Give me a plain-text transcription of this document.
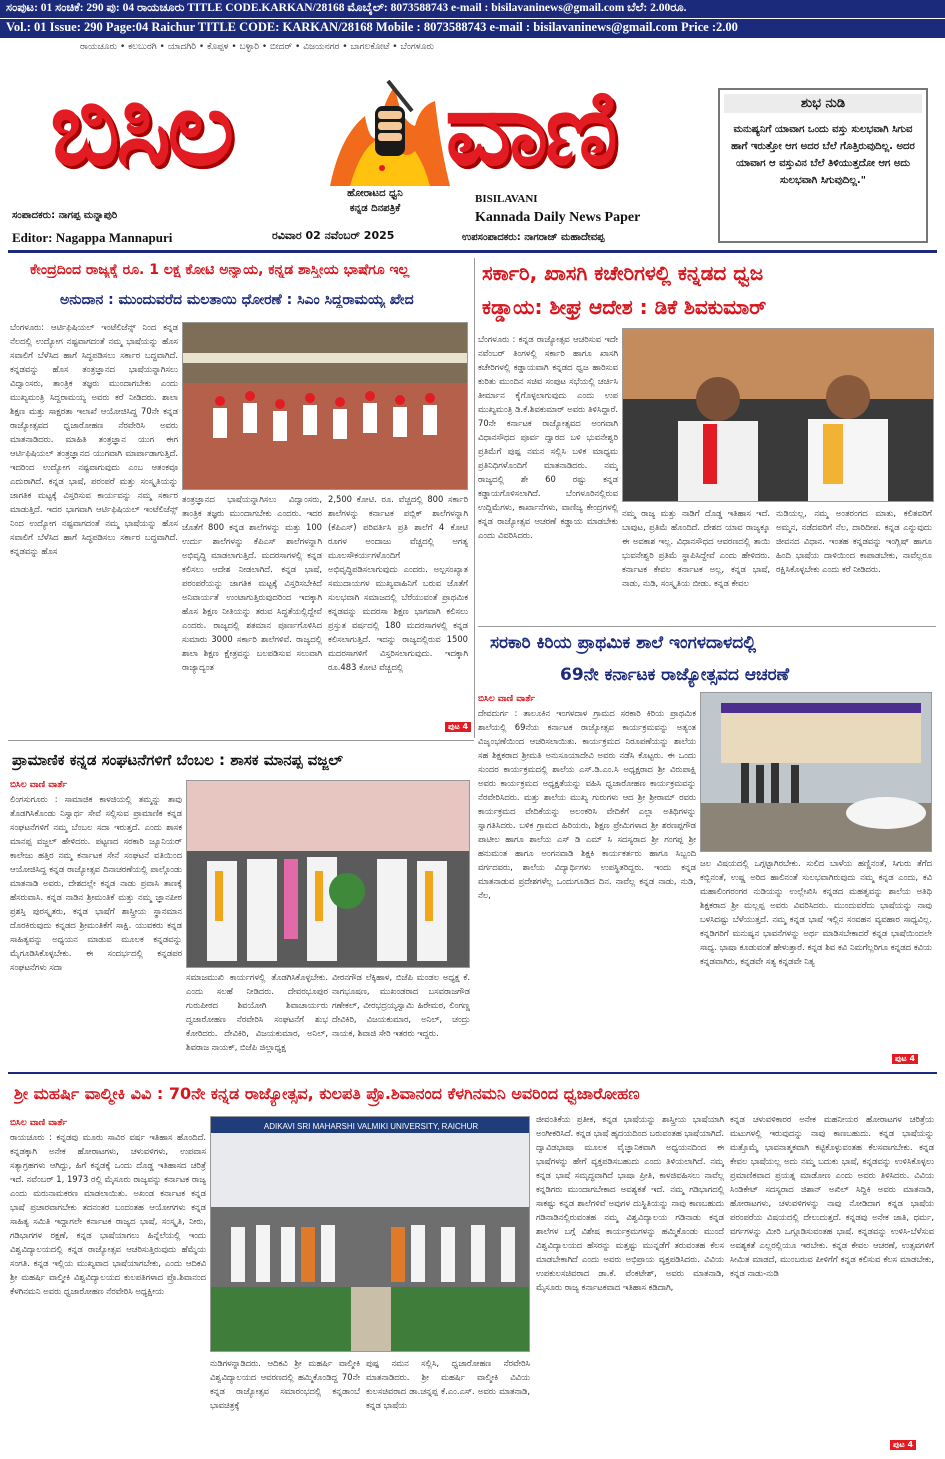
ಸಂಪುಟ: 01 ಸಂಚಿಕೆ: 290 ಪು: 04 ರಾಯಚೂರು TITLE CODE.KARKAN/28168 ಮೊಬೈಲ್: 8073588743 e-mail : bisilavaninews@gmail.com ಬೆಲೆ: 2.00ರೂ.
Vol.: 01 Issue: 290 Page:04 Raichur TITLE CODE: KARKAN/28168 Mobile : 8073588743 e-mail : bisilavaninews@gmail.com Price :2.00
ರಾಯಚೂರು • ಕಲಬುರಗಿ • ಯಾದಗಿರಿ • ಕೊಪ್ಪಳ • ಬಳ್ಳಾರಿ • ಬೀದರ್ • ವಿಜಯನಗರ • ಬಾಗಲಕೋಟೆ • ಬೆಂಗಳೂರು
ಬಿಸಿಲ ವಾಣಿ
ಹೋರಾಟದ ಧ್ವನಿ
ಕನ್ನಡ ದಿನಪತ್ರಿಕೆ
BISILAVANI
Kannada Daily News Paper
ಸಂಪಾದಕರು: ನಾಗಪ್ಪ ಮನ್ನಾಪುರಿ
Editor: Nagappa Mannapuri	ರವಿವಾರ 02 ನವೆಂಬರ್ 2025	ಉಪಸಂಪಾದಕರು: ನಾಗರಾಜ್ ಮಹಾದೇವಪ್ಪ
ಶುಭ ನುಡಿ
ಮನುಷ್ಯನಿಗೆ ಯಾವಾಗ ಒಂದು ವಸ್ತು ಸುಲಭವಾಗಿ ಸಿಗುವ ಹಾಗೆ ಇರುತ್ತೋ ಆಗ ಅದರ ಬೆಲೆ ಗೊತ್ತಿರುವುದಿಲ್ಲ. ಅದರ ಯಾವಾಗ ಆ ವಸ್ತುವಿನ ಬೆಲೆ ತಿಳಿಯುತ್ತದೋ ಆಗ ಅದು ಸುಲಭವಾಗಿ ಸಿಗುವುದಿಲ್ಲ."
ಕೇಂದ್ರದಿಂದ ರಾಜ್ಯಕ್ಕೆ ರೂ. 1 ಲಕ್ಷ ಕೋಟಿ ಅನ್ಯಾಯ, ಕನ್ನಡ ಶಾಸ್ತ್ರೀಯ ಭಾಷೆಗೂ ಇಲ್ಲ
ಅನುದಾನ : ಮುಂದುವರೆದ ಮಲತಾಯಿ ಧೋರಣೆ : ಸಿಎಂ ಸಿದ್ದರಾಮಯ್ಯ ಖೇದ
ಬೆಂಗಳೂರು: ಆರ್ಟಿಫಿಷಿಯಲ್ ಇಂಟೆಲಿಜೆನ್ಸ್ ನಿಂದ ಕನ್ನಡ ನೆಲದಲ್ಲಿ ಉದ್ಯೋಗ ನಷ್ಟವಾಗದಂತೆ ನಮ್ಮ ಭಾಷೆಯನ್ನು ಹೊಸ ಸವಾಲಿಗೆ ಬೆಳೆಸಿದ ಹಾಗೆ ಸಿದ್ಧಪಡಿಸಲು ಸರ್ಕಾರ ಬದ್ಧವಾಗಿದೆ. ಕನ್ನಡವನ್ನು ಹೊಸ ತಂತ್ರಜ್ಞಾನದ ಭಾಷೆಯನ್ನಾಗಿಸಲು ವಿದ್ವಾಂಸರು, ತಾಂತ್ರಿಕ ತಜ್ಞರು ಮುಂದಾಗಬೇಕು ಎಂದು ಮುಖ್ಯಮಂತ್ರಿ ಸಿದ್ದರಾಮಯ್ಯ ಅವರು ಕರೆ ನೀಡಿದರು. ಶಾಲಾ ಶಿಕ್ಷಣ ಮತ್ತು ಸಾಕ್ಷರತಾ ಇಲಾಖೆ ಆಯೋಜಿಸಿದ್ದ 70ನೇ ಕನ್ನಡ ರಾಜ್ಯೋತ್ಸವದ ಧ್ವಜಾರೋಹಣ ನೆರವೇರಿಸಿ ಅವರು ಮಾತನಾಡಿದರು. ಮಾಹಿತಿ ತಂತ್ರಜ್ಞಾನ ಯುಗ ಈಗ ಆರ್ಟಿಫಿಷಿಯಲ್ ತಂತ್ರಜ್ಞಾನದ ಯುಗವಾಗಿ ಮಾರ್ಪಾಡಾಗುತ್ತಿದೆ. ಇದರಿಂದ ಉದ್ಯೋಗ ನಷ್ಟವಾಗುವುದು ಎಂಬ ಆತಂಕವೂ ಎದುರಾಗಿದೆ. ಕನ್ನಡ ಭಾಷೆ, ಪರಂಪರೆ ಮತ್ತು ಸಂಸ್ಕೃತಿಯನ್ನು ಜಾಗತಿಕ ಮಟ್ಟಕ್ಕೆ ವಿಸ್ತರಿಸುವ ಕಾರ್ಯವನ್ನು ನಮ್ಮ ಸರ್ಕಾರ ಮಾಡುತ್ತಿದೆ. ಇದರ ಭಾಗವಾಗಿ ಆರ್ಟಿಫಿಷಿಯಲ್ ಇಂಟೆಲಿಜೆನ್ಸ್ ನಿಂದ ಉದ್ಯೋಗ ನಷ್ಟವಾಗದಂತೆ ನಮ್ಮ ಭಾಷೆಯನ್ನು ಹೊಸ ಸವಾಲಿಗೆ ಬೆಳೆಸಿದ ಹಾಗೆ ಸಿದ್ಧಪಡಿಸಲು ಸರ್ಕಾರ ಬದ್ಧವಾಗಿದೆ. ಕನ್ನಡವನ್ನು ಹೊಸ
ತಂತ್ರಜ್ಞಾನದ ಭಾಷೆಯನ್ನಾಗಿಸಲು ವಿದ್ವಾಂಸರು, ತಾಂತ್ರಿಕ ತಜ್ಞರು ಮುಂದಾಗಬೇಕು ಎಂದರು. ಇದರ ಜೊತೆಗೆ 800 ಕನ್ನಡ ಶಾಲೆಗಳನ್ನು ಮತ್ತು 100 ಉರ್ದು ಶಾಲೆಗಳನ್ನು ಕೆಪಿಎಸ್ ಶಾಲೆಗಳನ್ನಾಗಿ ಅಭಿವೃದ್ಧಿ ಮಾಡಲಾಗುತ್ತಿದೆ. ಮದರಸಾಗಳಲ್ಲಿ ಕನ್ನಡ ಕಲಿಸಲು ಆದೇಶ ನೀಡಲಾಗಿದೆ. ಕನ್ನಡ ಭಾಷೆ, ಪರಂಪರೆಯನ್ನು ಜಾಗತಿಕ ಮಟ್ಟಕ್ಕೆ ವಿಸ್ತರಿಸಬೇಕಿದೆ ಅನಿವಾರ್ಯತೆ ಉಂಟಾಗುತ್ತಿರುವುದರಿಂದ ಇದಕ್ಕಾಗಿ ಹೊಸ ಶಿಕ್ಷಣ ನೀತಿಯನ್ನು ತರುವ ಸಿದ್ಧತೆಯಲ್ಲಿದ್ದೇವೆ ಎಂದರು. ರಾಜ್ಯದಲ್ಲಿ ಶತಮಾನ ಪೂರ್ಣಗೊಳಿಸಿದ ಸುಮಾರು 3000 ಸರ್ಕಾರಿ ಶಾಲೆಗಳಿವೆ. ರಾಜ್ಯದಲ್ಲಿ ಶಾಲಾ ಶಿಕ್ಷಣ ಕ್ಷೇತ್ರವನ್ನು ಬಲಪಡಿಸುವ ಸಲುವಾಗಿ ರಾಜ್ಯಾದ್ಯಂತ
2,500 ಕೋಟಿ. ರೂ. ವೆಚ್ಚದಲ್ಲಿ 800 ಸರ್ಕಾರಿ ಶಾಲೆಗಳನ್ನು ಕರ್ನಾಟಕ ಪಬ್ಲಿಕ್ ಶಾಲೆಗಳನ್ನಾಗಿ (ಕೆಪಿಎಸ್) ಪರಿವರ್ತಿಸಿ ಪ್ರತಿ ಶಾಲೆಗೆ 4 ಕೋಟಿ ರೂಗಳ ಅಂದಾಜು ವೆಚ್ಚದಲ್ಲಿ ಅಗತ್ಯ ಮೂಲಸೌಕರ್ಯಗಳೊಂದಿಗೆ ಅಭಿವೃದ್ಧಿಪಡಿಸಲಾಗುವುದು ಎಂದರು. ಅಲ್ಪಸಂಖ್ಯಾತ ಸಮುದಾಯಗಳ ಮುಖ್ಯವಾಹಿನಿಗೆ ಬರುವ ಜೊತೆಗೆ ಸುಲಭವಾಗಿ ಸಮಾಜದಲ್ಲಿ ಬೆರೆಯುವಂತೆ ಪ್ರಾಥಮಿಕ ಕನ್ನಡವನ್ನು ಮದರಸಾ ಶಿಕ್ಷಣ ಭಾಗವಾಗಿ ಕಲಿಸಲು ಪ್ರಸ್ತುತ ವರ್ಷದಲ್ಲಿ 180 ಮದರಸಾಗಳಲ್ಲಿ ಕನ್ನಡ ಕಲಿಸಲಾಗುತ್ತಿದೆ. ಇದನ್ನು ರಾಜ್ಯದಲ್ಲಿರುವ 1500 ಮದರಸಾಗಳಿಗೆ ವಿಸ್ತರಿಸಲಾಗುವುದು. ಇದಕ್ಕಾಗಿ ರೂ.483 ಕೋಟಿ ವೆಚ್ಚದಲ್ಲಿ
ಪುಟ 4
ಸರ್ಕಾರಿ, ಖಾಸಗಿ ಕಚೇರಿಗಳಲ್ಲಿ ಕನ್ನಡದ ಧ್ವಜ
ಕಡ್ಡಾಯ: ಶೀಘ್ರ ಆದೇಶ : ಡಿಕೆ ಶಿವಕುಮಾರ್
ಬೆಂಗಳೂರು : ಕನ್ನಡ ರಾಜ್ಯೋತ್ಸವ ಆಚರಿಸುವ ಇದೇ ನವೆಂಬರ್ ತಿಂಗಳಲ್ಲಿ ಸರ್ಕಾರಿ ಹಾಗೂ ಖಾಸಗಿ ಕಚೇರಿಗಳಲ್ಲಿ ಕಡ್ಡಾಯವಾಗಿ ಕನ್ನಡದ ಧ್ವಜ ಹಾರಿಸುವ ಕುರಿತು ಮುಂದಿನ ಸಚಿವ ಸಂಪುಟ ಸಭೆಯಲ್ಲಿ ಚರ್ಚಿಸಿ ತೀರ್ಮಾನ ಕೈಗೊಳ್ಳಲಾಗುವುದು ಎಂದು ಉಪ ಮುಖ್ಯಮಂತ್ರಿ ಡಿ.ಕೆ.ಶಿವಕುಮಾರ್ ಅವರು ತಿಳಿಸಿದ್ದಾರೆ. 70ನೇ ಕರ್ನಾಟಕ ರಾಜ್ಯೋತ್ಸವದ ಅಂಗವಾಗಿ ವಿಧಾನಸೌಧದ ಪೂರ್ವ ದ್ವಾರದ ಬಳಿ ಭುವನೇಶ್ವರಿ ಪ್ರತಿಮೆಗೆ ಪುಷ್ಪ ನಮನ ಸಲ್ಲಿಸಿ ಬಳಿಕ ಮಾಧ್ಯಮ ಪ್ರತಿನಿಧಿಗಳೊಂದಿಗೆ ಮಾತನಾಡಿದರು. ನಮ್ಮ ರಾಜ್ಯದಲ್ಲಿ ಶೇ 60 ರಷ್ಟು ಕನ್ನಡ ಕಡ್ಡಾಯಗೊಳಿಸಲಾಗಿದೆ. ಬೆಂಗಳೂರಿನಲ್ಲಿರುವ ಉದ್ದಿಮೆಗಳು, ಕಾರ್ಖಾನೆಗಳು, ವಾಣಿಜ್ಯ ಕೇಂದ್ರಗಳಲ್ಲಿ ಕನ್ನಡ ರಾಜ್ಯೋತ್ಸವ ಆಚರಣೆ ಕಡ್ಡಾಯ ಮಾಡಬೇಕು ಎಂದು ವಿವರಿಸಿದರು.
ನಮ್ಮ ರಾಜ್ಯ ಮತ್ತು ನಾಡಿಗೆ ದೊಡ್ಡ ಇತಿಹಾಸ ಇದೆ. ಬಾವುಟ, ಪ್ರತಿಮೆ ಹೊಂದಿದೆ. ದೇಶದ ಯಾವ ರಾಜ್ಯಕ್ಕೂ ಈ ಅವಕಾಶ ಇಲ್ಲ. ವಿಧಾನಸೌಧದ ಆವರಣದಲ್ಲಿ ತಾಯಿ ಭುವನೇಶ್ವರಿ ಪ್ರತಿಮೆ ಸ್ಥಾಪಿಸಿದ್ದೇವೆ ಎಂದು ಹೇಳಿದರು. ಕರ್ನಾಟಕ ಕೇವಲ ಕರ್ನಾಟಕ ಅಲ್ಲ, ಕನ್ನಡ ಭಾಷೆ, ನಾಡು, ನುಡಿ, ಸಂಸ್ಕೃತಿಯ ಬೀಡು. ಕನ್ನಡ ಕೇವಲ
ನುಡಿಯಲ್ಲ, ನಮ್ಮ ಅಂತರಂಗದ ಮಾತು, ಕಲಿತವರಿಗೆ ಅಮ್ಮನ, ನಡೆದವರಿಗೆ ನೆಲ, ದಾರಿದೀಪ. ಕನ್ನಡ ಎನ್ನುವುದು ಜೀವನದ ವಿಧಾನ. ಇಂತಹ ಕನ್ನಡವನ್ನು ಇಂಗ್ಲಿಷ್ ಹಾಗೂ ಹಿಂದಿ ಭಾಷೆಯ ದಾಳಿಯಿಂದ ಕಾಪಾಡಬೇಕು, ನಾವೆಲ್ಲರೂ ರಕ್ಷಿಸಿಕೊಳ್ಳಬೇಕು ಎಂದು ಕರೆ ನೀಡಿದರು.
ಸರಕಾರಿ ಕಿರಿಯ ಪ್ರಾಥಮಿಕ ಶಾಲೆ ಇಂಗಳದಾಳದಲ್ಲಿ
69ನೇ ಕರ್ನಾಟಕ ರಾಜ್ಯೋತ್ಸವದ ಆಚರಣೆ
ಬಿಸಿಲ ವಾಣಿ ವಾರ್ತೆ
ದೇವದುರ್ಗ : ತಾಲೂಕಿನ ಇಂಗಳದಾಳ ಗ್ರಾಮದ ಸರಕಾರಿ ಕಿರಿಯ ಪ್ರಾಥಮಿಕ ಶಾಲೆಯಲ್ಲಿ 69ನೆಯ ಕರ್ನಾಟಕ ರಾಜ್ಯೋತ್ಸವ ಕಾರ್ಯಕ್ರಮವನ್ನು ಅತ್ಯಂತ ವಿಜೃಂಭಣೆಯಿಂದ ಆಚರಿಸಲಾಯಿತು. ಕಾರ್ಯಕ್ರಮದ ನಿರೂಪಣೆಯನ್ನು ಶಾಲೆಯ ಸಹ ಶಿಕ್ಷಕರಾದ ಶ್ರೀಮತಿ ಅನುಸೂಯಾದೇವಿ ಅವರು ನಡೆಸಿ ಕೊಟ್ಟರು. ಈ ಒಂದು ಸುಂದರ ಕಾರ್ಯಕ್ರಮದಲ್ಲಿ ಶಾಲೆಯ ಎಸ್.ಡಿ.ಎಂ.ಸಿ ಅಧ್ಯಕ್ಷರಾದ ಶ್ರೀ ವಿರುಪಾಕ್ಷಿ ಅವರು ಕಾರ್ಯಕ್ರಮದ ಅಧ್ಯಕ್ಷತೆಯನ್ನು ವಹಿಸಿ ಧ್ವಜಾರೋಹಣ ಕಾರ್ಯಕ್ರಮವನ್ನು ನೆರವೇರಿಸಿದರು. ಮತ್ತು ಶಾಲೆಯ ಮುಖ್ಯ ಗುರುಗಳು ಆದ ಶ್ರೀ ಶ್ರೀರಾಮ್ ರವರು ಕಾರ್ಯಕ್ರಮದ ವೇದಿಕೆಯನ್ನು ಅಲಂಕರಿಸಿ ವೇದಿಕೆಗೆ ಎಲ್ಲಾ ಅತಿಥಿಗಳನ್ನು ಸ್ವಾಗತಿಸಿದರು. ಬಳಿಕ ಗ್ರಾಮದ ಹಿರಿಯರು, ಶಿಕ್ಷಣ ಪ್ರೇಮಿಗಳಾದ ಶ್ರೀ ಶರಣಪ್ಪಗೌಡ ಪಾಟೀಲ ಹಾಗೂ ಶಾಲೆಯ ಎಸ್ ಡಿ ಎಮ್ ಸಿ ಸದಸ್ಯರಾದ ಶ್ರೀ ಗಂಗಪ್ಪ ಶ್ರೀ ಹನುಮಂತ ಹಾಗೂ ಅಂಗನವಾಡಿ ಶಿಕ್ಷಕಿ ಕಾರ್ಯಕರ್ತರು ಹಾಗೂ ಸಿಬ್ಬಂದಿ ವರ್ಗದವರು, ಶಾಲೆಯ ವಿದ್ಯಾರ್ಥಿಗಳು ಉಪಸ್ಥಿತರಿದ್ದರು. ಇಂದು ಕನ್ನಡ ಮಾತನಾಡುವ ಪ್ರದೇಶಗಳೆಲ್ಲ ಒಂದುಗೂಡಿದ ದಿನ. ನಾವೆಲ್ಲ ಕನ್ನಡ ನಾಡು, ನುಡಿ, ನೆಲ,
ಜಲ ವಿಷಯದಲ್ಲಿ ಒಗ್ಗಟ್ಟಾಗಿರಬೇಕು. ಸುಲಿದ ಬಾಳೆಯ ಹಣ್ಣಿನಂತೆ, ಸಿಗುರು ತೆಗೆದ ಕಬ್ಬಿನಂತೆ, ಉಷ್ಣ ಅರಿದ ಹಾಲಿನಂತೆ ಸುಲಭವಾಗಿರುವುದು ನಮ್ಮ ಕನ್ನಡ ಎಂದು, ಕವಿ ಮಹಾಲಿಂಗರಂಗರ ನುಡಿಯನ್ನು ಉಲ್ಲೇಖಿಸಿ ಕನ್ನಡದ ಮಹತ್ವವನ್ನು ಶಾಲೆಯ ಅತಿಥಿ ಶಿಕ್ಷಕರಾದ ಶ್ರೀ ಮಲ್ಲಪ್ಪ ಅವರು ವಿವರಿಸಿದರು. ಮುಂದುವರೆದು ಭಾಷೆಯನ್ನು ನಾವು ಬಳಸಿದಷ್ಟು ಬೆಳೆಯುತ್ತದೆ. ನಮ್ಮ ಕನ್ನಡ ಭಾಷೆ ಇಲ್ಲಿನ ಸಂವಹನ ವ್ಯವಹಾರ ಸಾಧ್ಯವಿಲ್ಲ. ಕನ್ನಡಿಗರಿಗೆ ಮನುಷ್ಯನ ಭಾವನೆಗಳನ್ನು ಅರ್ಥ ಮಾಡಿಸಬೇಕಾದರೆ ಕನ್ನಡ ಭಾಷೆಯಿಂದಲೇ ಸಾಧ್ಯ. ಭಾಷಾ ಕೂಡುವಂತೆ ಹೇಳುತ್ತಾರೆ. ಕನ್ನಡ ಶಿವ ಕವಿ ನಿಮಗೆಲ್ಲರಿಗೂ ಕನ್ನಡದ ಕವಿಯ ಕನ್ನಡವಾಗಿರು, ಕನ್ನಡವೇ ಸತ್ಯ ಕನ್ನಡವೇ ನಿತ್ಯ
ಪುಟ 4
ಪ್ರಾಮಾಣಿಕ ಕನ್ನಡ ಸಂಘಟನೆಗಳಿಗೆ ಬೆಂಬಲ : ಶಾಸಕ ಮಾನಪ್ಪ ವಜ್ಜಲ್
ಬಿಸಿಲ ವಾಣಿ ವಾರ್ತೆ
ಲಿಂಗಸುಗೂರು : ಸಾಮಾಜಿಕ ಕಾಳಜಿಯಲ್ಲಿ ತಮ್ಮನ್ನು ತಾವು ತೊಡಗಿಸಿಕೊಂಡು ನಿಸ್ವಾರ್ಥ ಸೇವೆ ಸಲ್ಲಿಸುವ ಪ್ರಾಮಾಣಿಕ ಕನ್ನಡ ಸಂಘಟನೆಗಳಿಗೆ ನಮ್ಮ ಬೆಂಬಲ ಸದಾ ಇರುತ್ತದೆ. ಎಂದು ಶಾಸಕ ಮಾನಪ್ಪ ವಜ್ಜಲ್ ಹೇಳಿದರು. ಪಟ್ಟಣದ ಸರಕಾರಿ ಜ್ಯೂನಿಯರ್ ಕಾಲೇಜು ಹತ್ತಿರ ನಮ್ಮ ಕರ್ನಾಟಕ ಸೇನೆ ಸಂಘಟನೆ ವತಿಯಿಂದ ಆಯೋಜಿಸಿದ್ದ ಕನ್ನಡ ರಾಜ್ಯೋತ್ಸವ ದಿನಾಚರಣೆಯಲ್ಲಿ ಪಾಲ್ಗೊಂಡು ಮಾತನಾಡಿ ಅವರು, ದೇಶದಲ್ಲೇ ಕನ್ನಡ ನಾಡು ಪ್ರವಾಸಿ ತಾಣಕ್ಕೆ ಹೆಸರುವಾಸಿ. ಕನ್ನಡ ನಾಡಿನ ಶ್ರೀಮಂತಿಕೆ ಮತ್ತು ನಮ್ಮ ಜ್ಞಾನಪೀಠ ಪ್ರಶಸ್ತಿ ಪುರಸ್ಕೃತರು, ಕನ್ನಡ ಭಾಷೆಗೆ ಶಾಸ್ತ್ರೀಯ ಸ್ಥಾನಮಾನ ದೊರಕಿರುವುದು ಕನ್ನಡದ ಶ್ರೀಮಂತಿಕೆಗೆ ಸಾಕ್ಷಿ. ಯುವಕರು ಕನ್ನಡ ಸಾಹಿತ್ಯವನ್ನು ಅಧ್ಯಯನ ಮಾಡುವ ಮೂಲಕ ಕನ್ನಡವನ್ನು ಮೈಗೂಡಿಸಿಕೊಳ್ಳಬೇಕು. ಈ ಸಂದರ್ಭದಲ್ಲಿ ಕನ್ನಡಪರ ಸಂಘಟನೆಗಳು ಸದಾ
ಸಮಾಜಮುಖಿ ಕಾರ್ಯಗಳಲ್ಲಿ ತೊಡಗಿಸಿಕೊಳ್ಳಬೇಕು. ಎಂದು ಸಲಹೆ ನೀಡಿದರು. ದೇವರಭೂಪುರ ಗುರುಪೀಠದ ಶಿವಯೋಗಿ ಶಿವಾಚಾರ್ಯರು ದ್ವಜಾರೋಹಣ ನೆರವೇರಿಸಿ ಸಂಘಟನೆಗೆ ಶುಭ ಕೋರಿದರು. ದೇವಿಕಿರಿ, ವಿಜಯಕುಮಾರ, ಅನಿಲ್, ಶಿವರಾಜ ನಾಯಕ್, ಬಿಜೆಪಿ ಜಿಲ್ಲಾಧ್ಯಕ್ಷ
ವೀರನಗೌಡ ಲೆಕ್ಕಿಹಾಳ, ಬಿಜೆಪಿ ಮಂಡಲ ಅಧ್ಯಕ್ಷ ಕೆ. ನಾಗಭೂಷಣ, ಮುಖಂಡರಾದ ಬಸವರಾಜಗೌಡ ಗಣೇಕಲ್, ವೀರಭದ್ರಯ್ಯಸ್ವಾಮಿ ಹಿರೇಮಠ, ಲಿಂಗಣ್ಣ ದೇವಿಕಿರಿ, ವಿಜಯಕುಮಾರ, ಅನಿಲ್, ಚಂದ್ರು ನಾಯಕ, ಶಿವಾಜಿ ಸೇರಿ ಇತರರು ಇದ್ದರು.
ಶ್ರೀ ಮಹರ್ಷಿ ವಾಲ್ಮೀಕಿ ವಿವಿ : 70ನೇ ಕನ್ನಡ ರಾಜ್ಯೋತ್ಸವ, ಕುಲಪತಿ ಪ್ರೊ.ಶಿವಾನಂದ ಕೆಳಗಿನಮನಿ ಅವರಿಂದ ಧ್ವಜಾರೋಹಣ
ಬಿಸಿಲ ವಾಣಿ ವಾರ್ತೆ
ರಾಯಚೂರು : ಕನ್ನಡವು ಮೂರು ಸಾವಿರ ವರ್ಷ ಇತಿಹಾಸ ಹೊಂದಿದೆ. ಕನ್ನಡಕ್ಕಾಗಿ ಅನೇಕ ಹೋರಾಟಗಳು, ಚಳುವಳಿಗಳು, ಉಪವಾಸ ಸತ್ಯಾಗ್ರಹಗಳು ಆಗಿದ್ದು, ಹಿಗೆ ಕನ್ನಡಕ್ಕೆ ಒಂದು ದೊಡ್ಡ ಇತಿಹಾಸದ ಚರಿತ್ರೆ ಇದೆ. ನವೆಂಬರ್ 1, 1973 ರಲ್ಲಿ ಮೈಸೂರು ರಾಜ್ಯವನ್ನು ಕರ್ನಾಟಕ ರಾಜ್ಯ ಎಂದು ಮರುನಾಮಕರಣ ಮಾಡಲಾಯಿತು. ಅಖಂಡ ಕರ್ನಾಟಕ ಕನ್ನಡ ಭಾಷೆ ಪ್ರಚಾರವಾಗಬೇಕು ತದನಂತರ ಬಂದಂತಹ ಆಯೋಗಗಳು ಕನ್ನಡ ಸಾಹಿತ್ಯ ಸಮಿತಿ ಇದ್ದಾಗಲೇ ಕರ್ನಾಟಕ ರಾಜ್ಯದ ಭಾಷೆ, ಸಂಸ್ಕೃತಿ, ನೀರು, ಗಡಿಭಾಗಗಳ ರಕ್ಷಣೆ, ಕನ್ನಡ ಭಾಷೆಯಾಗಲು ಹಿನ್ನೆಲೆಯಲ್ಲಿ ಇಂದು ವಿಶ್ವವಿದ್ಯಾಲಯದಲ್ಲಿ ಕನ್ನಡ ರಾಜ್ಯೋತ್ಸವ ಆಚರಿಸುತ್ತಿರುವುದು ಹೆಮ್ಮೆಯ ಸಂಗತಿ. ಕನ್ನಡ ಇಲ್ಲಿಯ ಮುಖ್ಯವಾದ ಭಾಷೆಯಾಗಬೇಕು, ಎಂದು ಆದಿಕವಿ ಶ್ರೀ ಮಹರ್ಷಿ ವಾಲ್ಮೀಕಿ ವಿಶ್ವವಿದ್ಯಾಲಯದ ಕುಲಪತಿಗಳಾದ ಪ್ರೊ.ಶಿವಾನಂದ ಕೆಳಗಿನಮನಿ ಅವರು ಧ್ವಜಾರೋಹಣ ನೆರವೇರಿಸಿ ಅಧ್ಯಕ್ಷೀಯ
ADIKAVI SRI MAHARSHI VALMIKI UNIVERSITY, RAICHUR
ನುಡಿಗಳನ್ನಾಡಿದರು. ಆದಿಕವಿ ಶ್ರೀ ಮಹರ್ಷಿ ವಾಲ್ಮೀಕಿ ವಿಶ್ವವಿದ್ಯಾಲಯದ ಆವರಣದಲ್ಲಿ ಹಮ್ಮಿಕೊಂಡಿದ್ದ 70ನೇ ಕನ್ನಡ ರಾಜ್ಯೋತ್ಸವ ಸಮಾರಂಭದಲ್ಲಿ ಕನ್ನಡಾಂಬೆ ಭಾವಚಿತ್ರಕ್ಕೆ
ಪುಷ್ಪ ನಮನ ಸಲ್ಲಿಸಿ, ಧ್ವಜಾರೋಹಣ ನೆರವೇರಿಸಿ ಮಾತನಾಡಿದರು. ಶ್ರೀ ಮಹರ್ಷಿ ವಾಲ್ಮೀಕಿ ವಿವಿಯ ಕುಲಸಚಿವರಾದ ಡಾ.ಚನ್ನಪ್ಪ ಕೆ.ಎಂ.ಎಸ್. ಅವರು ಮಾತನಾಡಿ, ಕನ್ನಡ ಭಾಷೆಯ
ಜೀವಂತಿಕೆಯ ಪ್ರತೀಕ, ಕನ್ನಡ ಭಾಷೆಯನ್ನು ಶಾಸ್ತ್ರೀಯ ಭಾಷೆಯಾಗಿ ಅಂಗೀಕರಿಸಿದೆ. ಕನ್ನಡ ಭಾಷೆ ಹೃದಯದಿಂದ ಬರುವಂತಹ ಭಾಷೆಯಾಗಿದೆ. ದ್ವಾವಿಡಭಾಷಾ ಮೂಲಕ ವೈಜ್ಞಾನಿಕವಾಗಿ ಅಧ್ಯಯನದಿಂದ ಈ ಭಾಷೆಗಳನ್ನು ಹೇಗೆ ವ್ಯಕ್ತಪಡಿಸಬಹುದು ಎಂದು ತಿಳಿಯಲಾಗಿದೆ. ನಮ್ಮ ಕನ್ನಡ ಭಾಷೆ ಸಮೃದ್ಧವಾಗಿದೆ ಭಾಷಾ ಪ್ರೀತಿ, ಕಾಳಜಿವಹಿಸಲು ನಾವೆಲ್ಲ ಕನ್ನಡಿಗರು ಮುಂದಾಗಬೇಕಾದ ಅವಶ್ಯಕತೆ ಇದೆ. ನಮ್ಮ ಗಡಿಭಾಗದಲ್ಲಿ ಸಾಕಷ್ಟು ಕನ್ನಡ ಶಾಲೆಗಳಿವೆ ಅವುಗಳ ದುಸ್ಥಿತಿಯನ್ನು ನಾವು ಕಾಣಬಹುದು ಗಡಿನಾಡಿನಲ್ಲಿರುವಂತಹ ನಮ್ಮ ವಿಶ್ವವಿದ್ಯಾಲಯ ಗಡಿನಾಡು ಕನ್ನಡ ಶಾಲೆಗಳ ಬಗ್ಗೆ ವಿಶೇಷ ಕಾರ್ಯಕ್ರಮಗಳನ್ನು ಹಮ್ಮಿಕೊಂಡು ಮುಂದೆ ವಿಶ್ವವಿದ್ಯಾಲಯದ ಹೆಸರನ್ನು ಮತ್ತಷ್ಟು ಮುನ್ನಡೆಗೆ ತರುವಂತಹ ಕೆಲಸ ಮಾಡಬೇಕಾಗಿದೆ ಎಂದು ಅವರು ಅಭಿಪ್ರಾಯ ವ್ಯಕ್ತಪಡಿಸಿದರು. ವಿವಿಯ ಉಪಕುಲಸಚಿವರಾದ ಡಾ.ಕೆ. ವೆಂಕಟೇಶ್, ಅವರು ಮಾತನಾಡಿ, ಮೈಸೂರು ರಾಜ್ಯ ಕರ್ನಾಟಕವಾದ ಇತಿಹಾಸ ಕಡಿದಾಗಿ,
ಕನ್ನಡ ಚಳುವಳಿಕಾರರ ಅನೇಕ ಮಹನೀಯರ ಹೋರಾಟಗಳ ಚರಿತ್ರೆಯ ಮಟುಗಳಲ್ಲಿ ಇರುವುದನ್ನು ನಾವು ಕಾಣಬಹುದು. ಕನ್ನಡ ಭಾಷೆಯನ್ನು ಮತ್ತೊಮ್ಮೆ ಭಾವನಾತ್ಮಕವಾಗಿ ಕಟ್ಟಿಕೊಳ್ಳುವಂತಹ ಕೆಲಸವಾಗಬೇಕು. ಕನ್ನಡ ಕೇವಲ ಭಾಷೆಯಲ್ಲ ಅದು ನಮ್ಮ ಬದುಕು ಭಾಷೆ, ಕನ್ನಡವನ್ನು ಉಳಿಸಿಕೊಳ್ಳಲು ಪ್ರಮಾಣಿಕವಾದ ಪ್ರಯತ್ನ ಮಾಡೋಣ ಎಂದು ಅವರು ತಿಳಿಸಿದರು. ವಿವಿಯ ಸಿಂಡಿಕೇಟ್ ಸದಸ್ಯರಾದ ಜಿಶಾನ್ ಅಖಿಲ್ ಸಿದ್ದಿಕಿ ಅವರು ಮಾತನಾಡಿ, ಹೋರಾಟಗಳು, ಚಳುವಳಿಗಳನ್ನು ನಾವು ನೋಡಿದಾಗ ಕನ್ನಡ ಭಾಷೆಯ ಪರಂಪರೆಯ ವಿಷಯದಲ್ಲಿ ದೇಲುದುತ್ತದೆ. ಕನ್ನಡವು ಅನೇಕ ಜಾತಿ, ಧರ್ಮ, ವರ್ಗಗಳನ್ನು ಮೀರಿ ಒಗ್ಗೂಡಿಸುವಂತಹ ಭಾಷೆ. ಕನ್ನಡವನ್ನು ಉಳಿಸಿ-ಬೆಳೆಸುವ ಅವಶ್ಯಕತೆ ಎಲ್ಲರಲ್ಲಿಯೂ ಇರಬೇಕು. ಕನ್ನಡ ಕೇವಲ ಆಚರಣೆ, ಉತ್ಸವಗಳಿಗೆ ಸೀಮಿತ ಮಾಡದೆ, ಮುಂಬರುವ ಪೀಳಿಗೆಗೆ ಕನ್ನಡ ಕಲಿಸುವ ಕೆಲಸ ಮಾಡಬೇಕು, ಕನ್ನಡ ನಾಡು-ನುಡಿ
ಪುಟ 4
